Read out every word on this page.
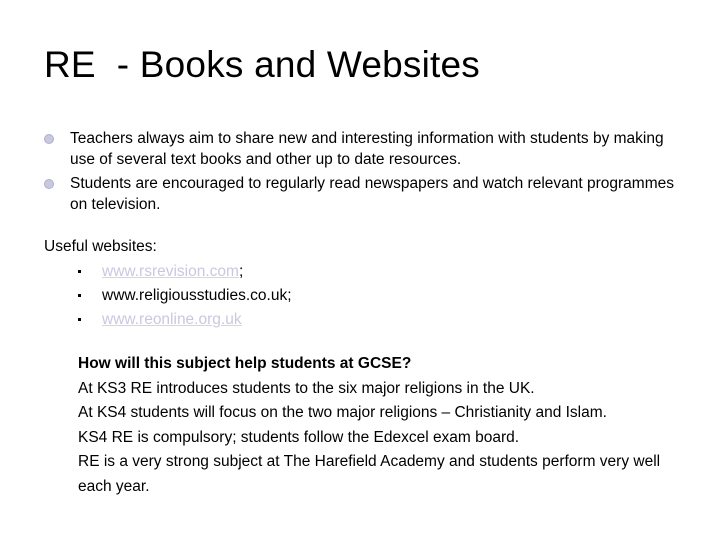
RE  - Books and Websites
Teachers always aim to share new and interesting information with students by making use of several text books and other up to date resources.
Students are encouraged to regularly read newspapers and watch relevant programmes on television.
Useful websites:
www.rsrevision.com;
www.religiousstudies.co.uk;
www.reonline.org.uk
How will this subject help students at GCSE?
At KS3 RE introduces students to the six major religions in the UK.
At KS4 students will focus on the two major religions – Christianity and Islam.
KS4 RE is compulsory; students follow the Edexcel exam board.
RE is a very strong subject at The Harefield Academy and students perform very well each year.
